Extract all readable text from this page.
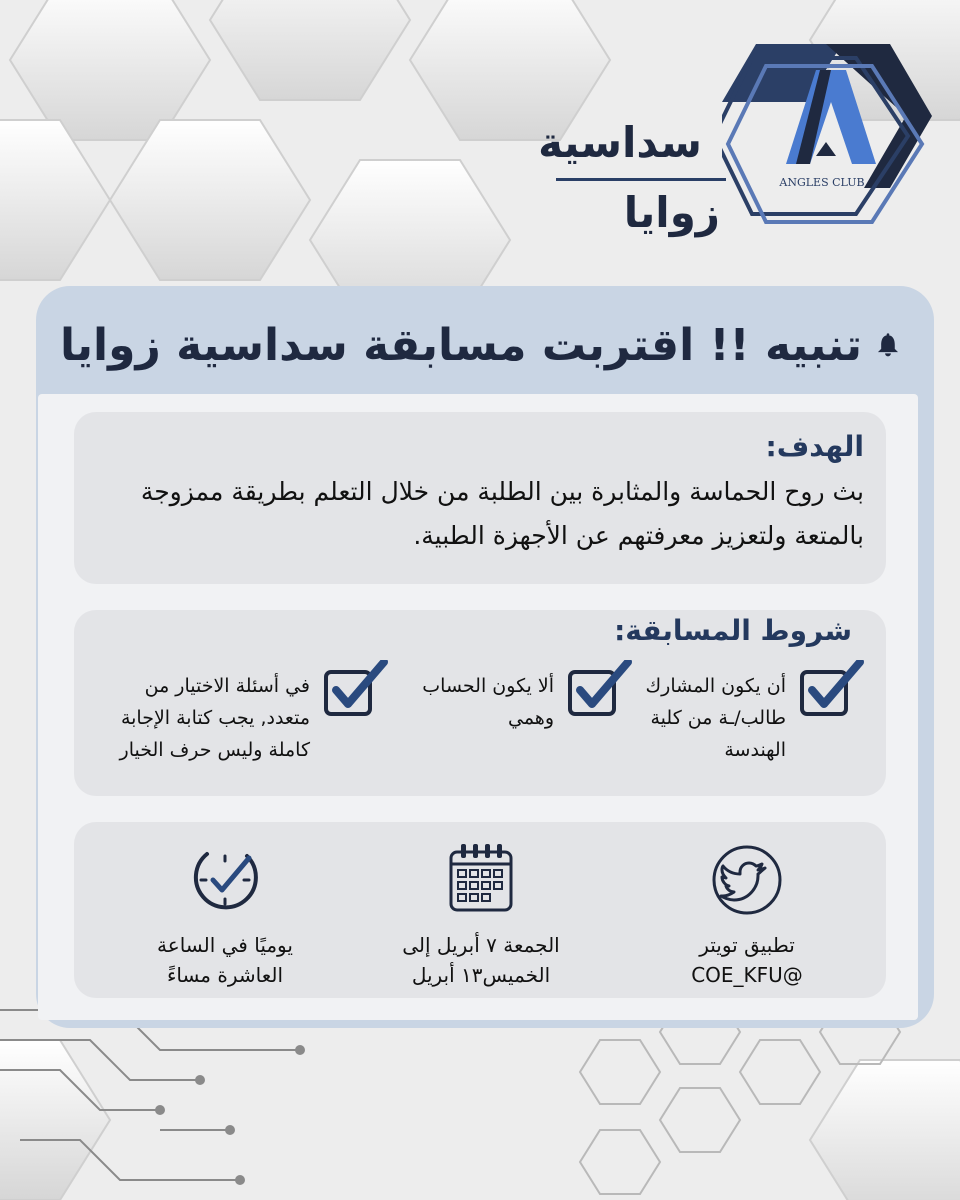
سداسية
زوايا
ANGLES CLUB
تنبيه !! اقتربت مسابقة سداسية زوايا
الهدف:
بث روح الحماسة والمثابرة بين الطلبة من خلال التعلم بطريقة ممزوجة بالمتعة ولتعزيز معرفتهم عن الأجهزة الطبية.
شروط المسابقة:
أن يكون المشارك
طالب/ـة من كلية
الهندسة
ألا يكون الحساب
وهمي
في أسئلة الاختيار من
متعدد, يجب كتابة الإجابة
كاملة وليس حرف الخيار
تطبيق تويتر
@COE_KFU
الجمعة ٧ أبريل إلى
الخميس١٣ أبريل
يوميًا في الساعة
العاشرة مساءً
